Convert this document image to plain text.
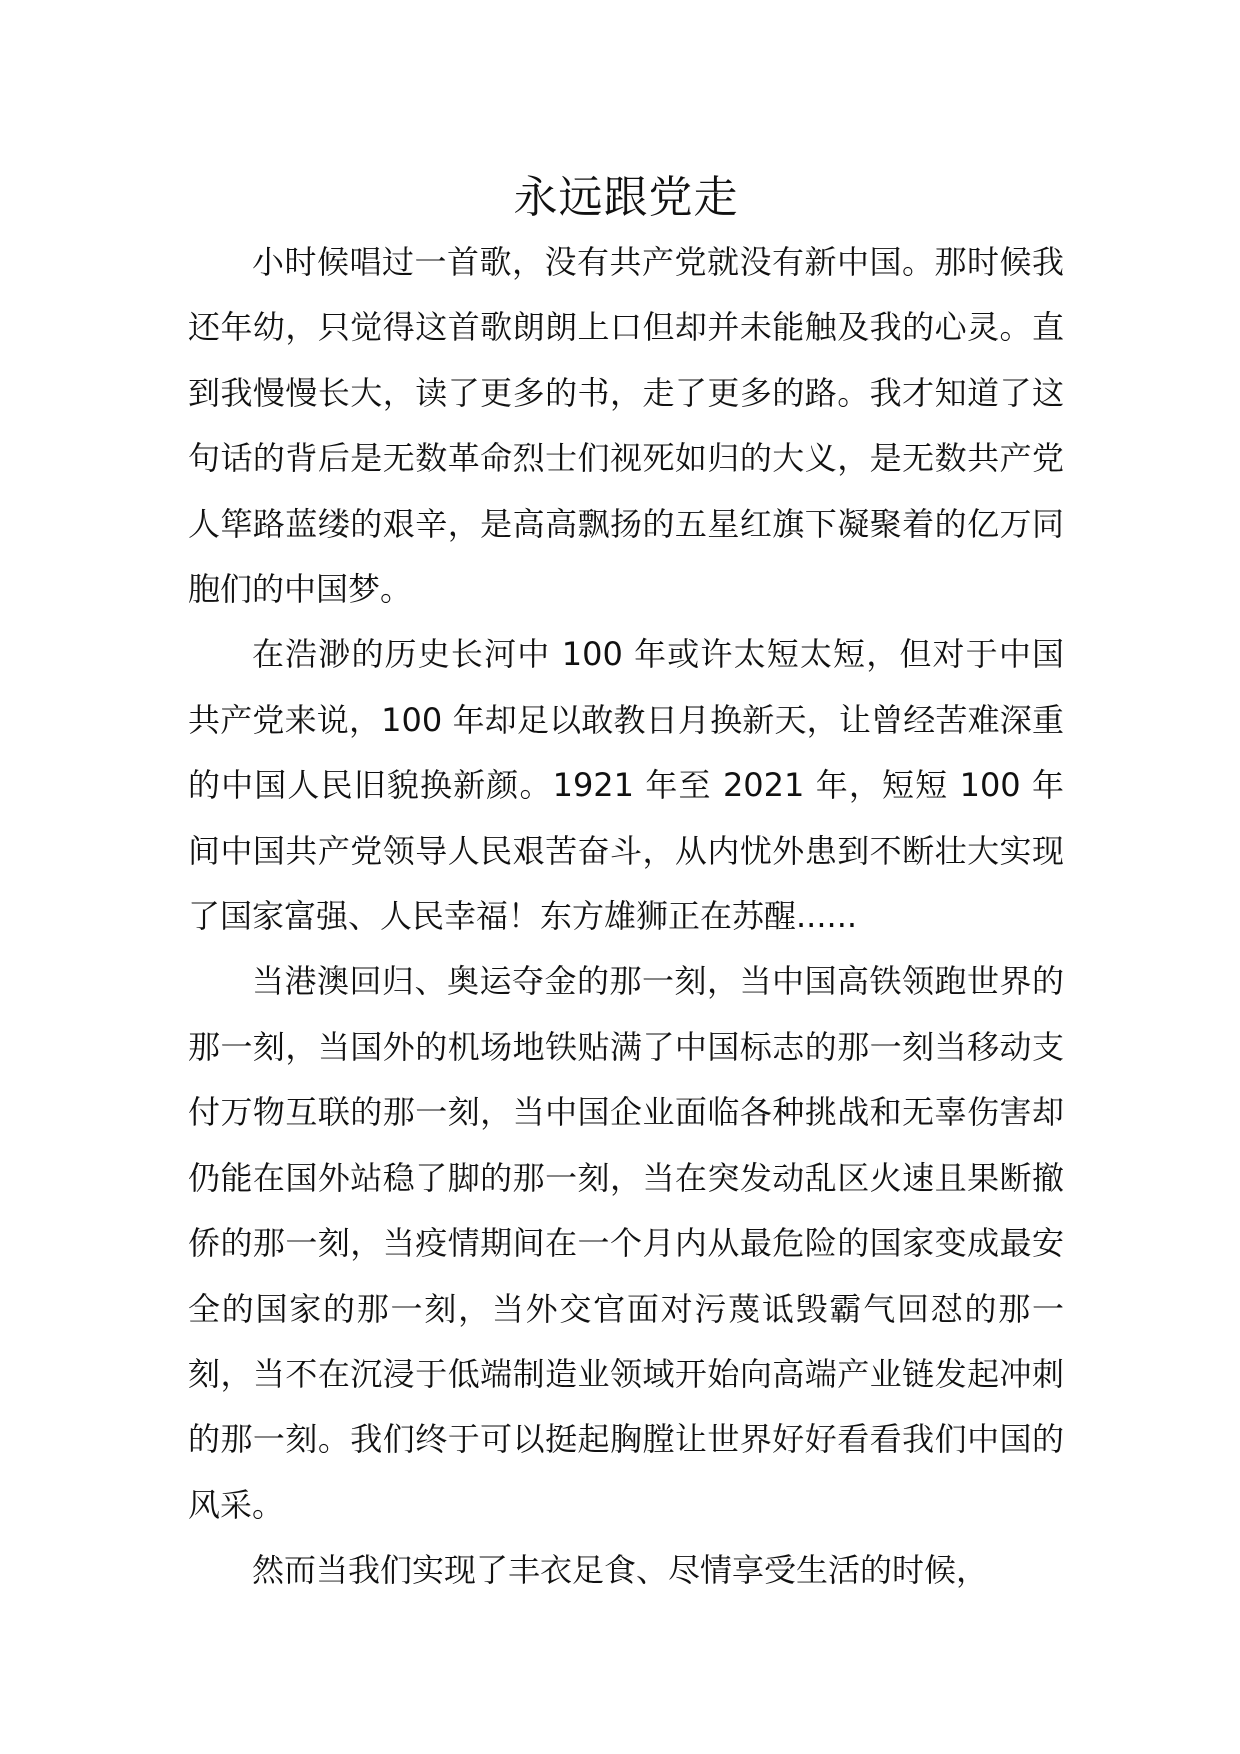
永远跟党走

小时候唱过一首歌，没有共产党就没有新中国。那时候我还年幼，只觉得这首歌朗朗上口但却并未能触及我的心灵。直到我慢慢长大，读了更多的书，走了更多的路。我才知道了这句话的背后是无数革命烈士们视死如归的大义，是无数共产党人筚路蓝缕的艰辛，是高高飘扬的五星红旗下凝聚着的亿万同胞们的中国梦。

在浩渺的历史长河中 100 年或许太短太短，但对于中国共产党来说，100 年却足以敢教日月换新天，让曾经苦难深重的中国人民旧貌换新颜。1921 年至 2021 年，短短 100 年间中国共产党领导人民艰苦奋斗，从内忧外患到不断壮大实现了国家富强、人民幸福！东方雄狮正在苏醒......

当港澳回归、奥运夺金的那一刻，当中国高铁领跑世界的那一刻，当国外的机场地铁贴满了中国标志的那一刻当移动支付万物互联的那一刻，当中国企业面临各种挑战和无辜伤害却仍能在国外站稳了脚的那一刻，当在突发动乱区火速且果断撤侨的那一刻，当疫情期间在一个月内从最危险的国家变成最安全的国家的那一刻，当外交官面对污蔑诋毁霸气回怼的那一刻，当不在沉浸于低端制造业领域开始向高端产业链发起冲刺的那一刻。我们终于可以挺起胸膛让世界好好看看我们中国的风采。

然而当我们实现了丰衣足食、尽情享受生活的时候，
